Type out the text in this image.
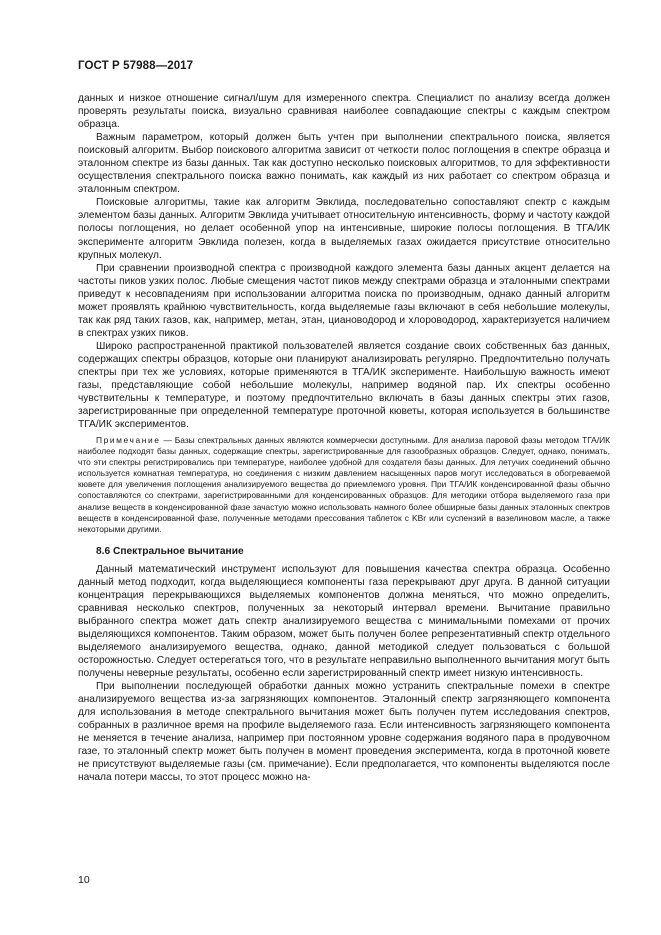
ГОСТ Р 57988—2017

данных и низкое отношение сигнал/шум для измеренного спектра. Специалист по анализу всегда должен проверять результаты поиска, визуально сравнивая наиболее совпадающие спектры с каждым спектром образца.

Важным параметром, который должен быть учтен при выполнении спектрального поиска, является поисковый алгоритм. Выбор поискового алгоритма зависит от четкости полос поглощения в спектре образца и эталонном спектре из базы данных. Так как доступно несколько поисковых алгоритмов, то для эффективности осуществления спектрального поиска важно понимать, как каждый из них работает со спектром образца и эталонным спектром.

Поисковые алгоритмы, такие как алгоритм Эвклида, последовательно сопоставляют спектр с каждым элементом базы данных. Алгоритм Эвклида учитывает относительную интенсивность, форму и частоту каждой полосы поглощения, но делает особенной упор на интенсивные, широкие полосы поглощения. В ТГА/ИК эксперименте алгоритм Эвклида полезен, когда в выделяемых газах ожидается присутствие относительно крупных молекул.

При сравнении производной спектра с производной каждого элемента базы данных акцент делается на частоты пиков узких полос. Любые смещения частот пиков между спектрами образца и эталонными спектрами приведут к несовпадениям при использовании алгоритма поиска по производным, однако данный алгоритм может проявлять крайнюю чувствительность, когда выделяемые газы включают в себя небольшие молекулы, так как ряд таких газов, как, например, метан, этан, циановодород и хлороводород, характеризуется наличием в спектрах узких пиков.

Широко распространенной практикой пользователей является создание своих собственных баз данных, содержащих спектры образцов, которые они планируют анализировать регулярно. Предпочтительно получать спектры при тех же условиях, которые применяются в ТГА/ИК эксперименте. Наибольшую важность имеют газы, представляющие собой небольшие молекулы, например водяной пар. Их спектры особенно чувствительны к температуре, и поэтому предпочтительно включать в базы данных спектры этих газов, зарегистрированные при определенной температуре проточной кюветы, которая используется в большинстве ТГА/ИК экспериментов.

Примечание — Базы спектральных данных являются коммерчески доступными. Для анализа паровой фазы методом ТГА/ИК наиболее подходят базы данных, содержащие спектры, зарегистрированные для газообразных образцов. Следует, однако, понимать, что эти спектры регистрировались при температуре, наиболее удобной для создателя базы данных. Для летучих соединений обычно используется комнатная температура, но соединения с низким давлением насыщенных паров могут исследоваться в обогреваемой кювете для увеличения поглощения анализируемого вещества до приемлемого уровня. При ТГА/ИК конденсированной фазы обычно сопоставляются со спектрами, зарегистрированными для конденсированных образцов. Для методики отбора выделяемого газа при анализе веществ в конденсированной фазе зачастую можно использовать намного более обширные базы данных эталонных спектров веществ в конденсированной фазе, полученные методами прессования таблеток с KBr или суспензий в вазелиновом масле, а также некоторыми другими.

8.6 Спектральное вычитание

Данный математический инструмент используют для повышения качества спектра образца. Особенно данный метод подходит, когда выделяющиеся компоненты газа перекрывают друг друга. В данной ситуации концентрация перекрывающихся выделяемых компонентов должна меняться, что можно определить, сравнивая несколько спектров, полученных за некоторый интервал времени. Вычитание правильно выбранного спектра может дать спектр анализируемого вещества с минимальными помехами от прочих выделяющихся компонентов. Таким образом, может быть получен более репрезентативный спектр отдельного выделяемого анализируемого вещества, однако, данной методикой следует пользоваться с большой осторожностью. Следует остерегаться того, что в результате неправильно выполненного вычитания могут быть получены неверные результаты, особенно если зарегистрированный спектр имеет низкую интенсивность.

При выполнении последующей обработки данных можно устранить спектральные помехи в спектре анализируемого вещества из-за загрязняющих компонентов. Эталонный спектр загрязняющего компонента для использования в методе спектрального вычитания может быть получен путем исследования спектров, собранных в различное время на профиле выделяемого газа. Если интенсивность загрязняющего компонента не меняется в течение анализа, например при постоянном уровне содержания водяного пара в продувочном газе, то эталонный спектр может быть получен в момент проведения эксперимента, когда в проточной кювете не присутствуют выделяемые газы (см. примечание). Если предполагается, что компоненты выделяются после начала потери массы, то этот процесс можно на-

10
